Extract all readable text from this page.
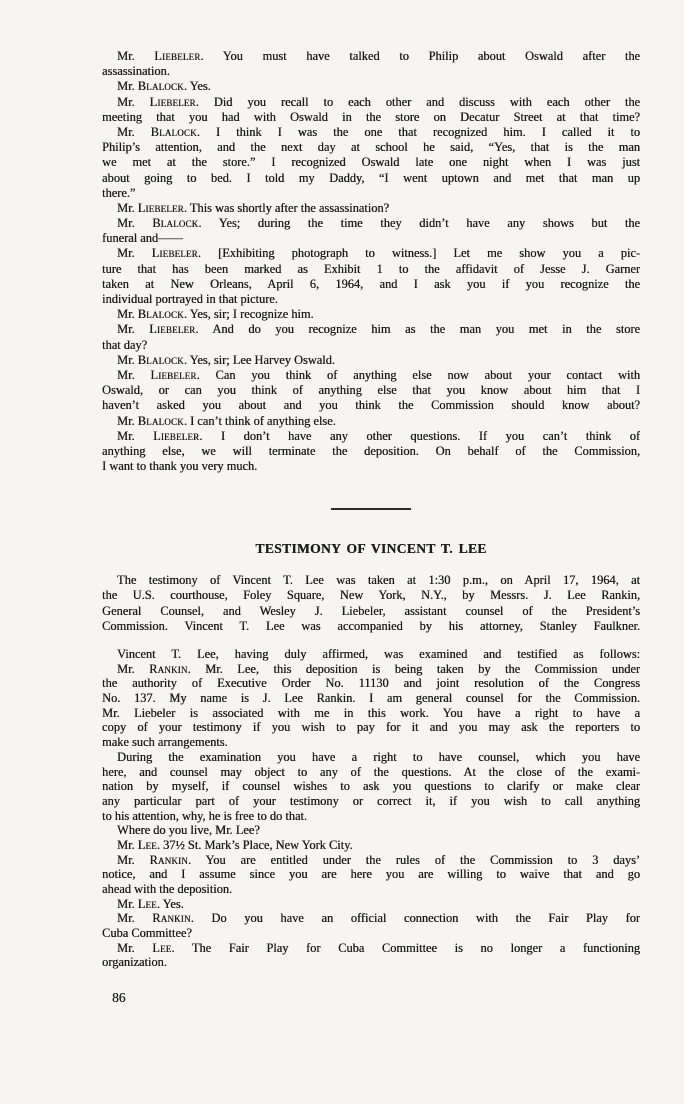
Mr. Liebeler. You must have talked to Philip about Oswald after the
assassination.
Mr. Blalock. Yes.
Mr. Liebeler. Did you recall to each other and discuss with each other the
meeting that you had with Oswald in the store on Decatur Street at that time?
Mr. Blalock. I think I was the one that recognized him. I called it to
Philip’s attention, and the next day at school he said, “Yes, that is the man
we met at the store.” I recognized Oswald late one night when I was just
about going to bed. I told my Daddy, “I went uptown and met that man up
there.”
Mr. Liebeler. This was shortly after the assassination?
Mr. Blalock. Yes; during the time they didn’t have any shows but the
funeral and——
Mr. Liebeler. [Exhibiting photograph to witness.] Let me show you a pic-
ture that has been marked as Exhibit 1 to the affidavit of Jesse J. Garner
taken at New Orleans, April 6, 1964, and I ask you if you recognize the
individual portrayed in that picture.
Mr. Blalock. Yes, sir; I recognize him.
Mr. Liebeler. And do you recognize him as the man you met in the store
that day?
Mr. Blalock. Yes, sir; Lee Harvey Oswald.
Mr. Liebeler. Can you think of anything else now about your contact with
Oswald, or can you think of anything else that you know about him that I
haven’t asked you about and you think the Commission should know about?
Mr. Blalock. I can’t think of anything else.
Mr. Liebeler. I don’t have any other questions. If you can’t think of
anything else, we will terminate the deposition. On behalf of the Commission,
I want to thank you very much.
TESTIMONY OF VINCENT T. LEE
The testimony of Vincent T. Lee was taken at 1:30 p.m., on April 17, 1964, at
the U.S. courthouse, Foley Square, New York, N.Y., by Messrs. J. Lee Rankin,
General Counsel, and Wesley J. Liebeler, assistant counsel of the President’s
Commission. Vincent T. Lee was accompanied by his attorney, Stanley Faulkner.
Vincent T. Lee, having duly affirmed, was examined and testified as follows:
Mr. Rankin. Mr. Lee, this deposition is being taken by the Commission under
the authority of Executive Order No. 11130 and joint resolution of the Congress
No. 137. My name is J. Lee Rankin. I am general counsel for the Commission.
Mr. Liebeler is associated with me in this work. You have a right to have a
copy of your testimony if you wish to pay for it and you may ask the reporters to
make such arrangements.
During the examination you have a right to have counsel, which you have
here, and counsel may object to any of the questions. At the close of the exami-
nation by myself, if counsel wishes to ask you questions to clarify or make clear
any particular part of your testimony or correct it, if you wish to call anything
to his attention, why, he is free to do that.
Where do you live, Mr. Lee?
Mr. Lee. 37½ St. Mark’s Place, New York City.
Mr. Rankin. You are entitled under the rules of the Commission to 3 days’
notice, and I assume since you are here you are willing to waive that and go
ahead with the deposition.
Mr. Lee. Yes.
Mr. Rankin. Do you have an official connection with the Fair Play for
Cuba Committee?
Mr. Lee. The Fair Play for Cuba Committee is no longer a functioning
organization.
86
